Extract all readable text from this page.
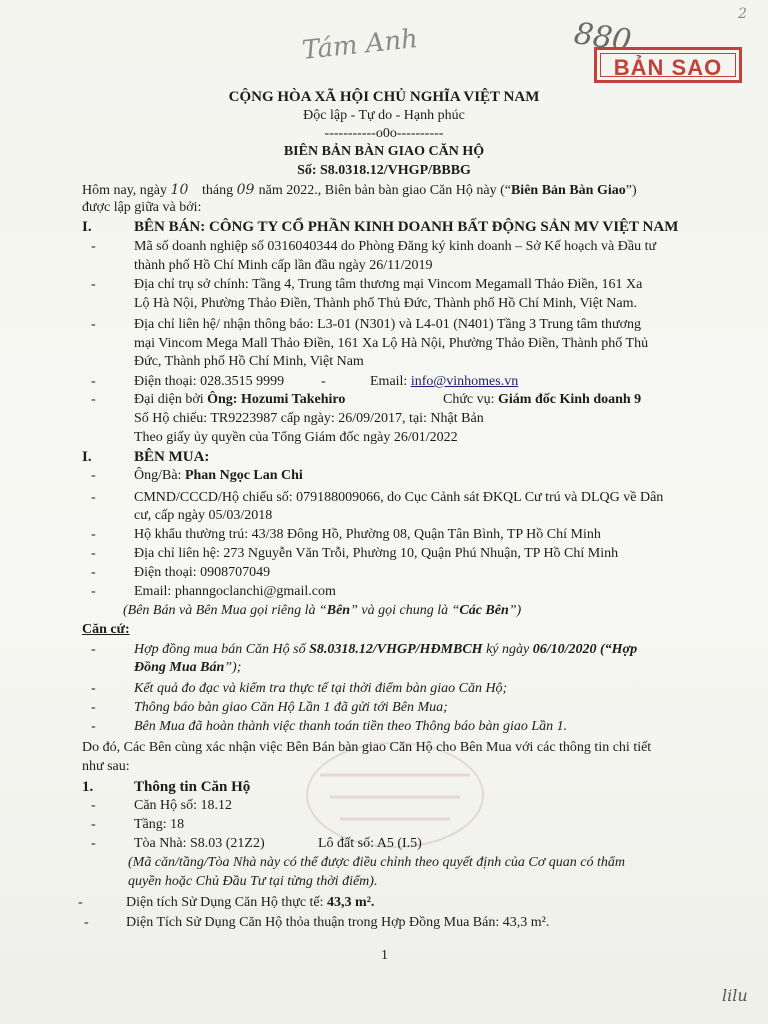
Tám Anh	880
2
lilu
BẢN SAO
CỘNG HÒA XÃ HỘI CHỦ NGHĨA VIỆT NAM
Độc lập - Tự do - Hạnh phúc
-----------o0o----------
BIÊN BẢN BÀN GIAO CĂN HỘ
Số: S8.0318.12/VHGP/BBBG
Hôm nay, ngày 10 tháng 09 năm 2022., Biên bản bàn giao Căn Hộ này (“Biên Bản Bàn Giao”)
được lập giữa và bởi:
I.	BÊN BÁN: CÔNG TY CỔ PHẦN KINH DOANH BẤT ĐỘNG SẢN MV VIỆT NAM
-	Mã số doanh nghiệp số 0316040344 do Phòng Đăng ký kinh doanh – Sở Kế hoạch và Đầu tư
thành phố Hồ Chí Minh cấp lần đầu ngày 26/11/2019
-	Địa chỉ trụ sở chính: Tầng 4, Trung tâm thương mại Vincom Megamall Thảo Điền, 161 Xa
Lộ Hà Nội, Phường Thảo Điền, Thành phố Thủ Đức, Thành phố Hồ Chí Minh, Việt Nam.
-	Địa chỉ liên hệ/ nhận thông báo: L3-01 (N301) và L4-01 (N401) Tầng 3 Trung tâm thương
mại Vincom Mega Mall Thảo Điền, 161 Xa Lộ Hà Nội, Phường Thảo Điền, Thành phố Thủ
Đức, Thành phố Hồ Chí Minh, Việt Nam
-	Điện thoại: 028.3515 9999	-	Email: info@vinhomes.vn
-	Đại diện bởi Ông: Hozumi Takehiro	Chức vụ: Giám đốc Kinh doanh 9
Số Hộ chiếu: TR9223987 cấp ngày: 26/09/2017, tại: Nhật Bản
Theo giấy ủy quyền của Tổng Giám đốc ngày 26/01/2022
I.	BÊN MUA:
-	Ông/Bà: Phan Ngọc Lan Chi
-	CMND/CCCD/Hộ chiếu số: 079188009066, do Cục Cảnh sát ĐKQL Cư trú và DLQG về Dân
cư, cấp ngày 05/03/2018
-	Hộ khẩu thường trú: 43/38 Đông Hồ, Phường 08, Quận Tân Bình, TP Hồ Chí Minh
-	Địa chỉ liên hệ: 273 Nguyễn Văn Trỗi, Phường 10, Quận Phú Nhuận, TP Hồ Chí Minh
-	Điện thoại: 0908707049
-	Email: phanngoclanchi@gmail.com
(Bên Bán và Bên Mua gọi riêng là “Bên” và gọi chung là “Các Bên”)
Căn cứ:
-	Hợp đồng mua bán Căn Hộ số S8.0318.12/VHGP/HĐMBCH ký ngày 06/10/2020 (“Hợp
Đồng Mua Bán”);
-	Kết quả đo đạc và kiểm tra thực tế tại thời điểm bàn giao Căn Hộ;
-	Thông báo bàn giao Căn Hộ Lần 1 đã gửi tới Bên Mua;
-	Bên Mua đã hoàn thành việc thanh toán tiền theo Thông báo bàn giao Lần 1.
Do đó, Các Bên cùng xác nhận việc Bên Bán bàn giao Căn Hộ cho Bên Mua với các thông tin chi tiết
như sau:
1.	Thông tin Căn Hộ
-	Căn Hộ số: 18.12
-	Tầng: 18
-	Tòa Nhà: S8.03 (21Z2)	Lô đất số: A5 (I.5)
(Mã căn/tầng/Tòa Nhà này có thể được điều chỉnh theo quyết định của Cơ quan có thẩm
quyền hoặc Chủ Đầu Tư tại từng thời điểm).
-	Diện tích Sử Dụng Căn Hộ thực tế: 43,3 m².
-	Diện Tích Sử Dụng Căn Hộ thỏa thuận trong Hợp Đồng Mua Bán: 43,3 m².
1
